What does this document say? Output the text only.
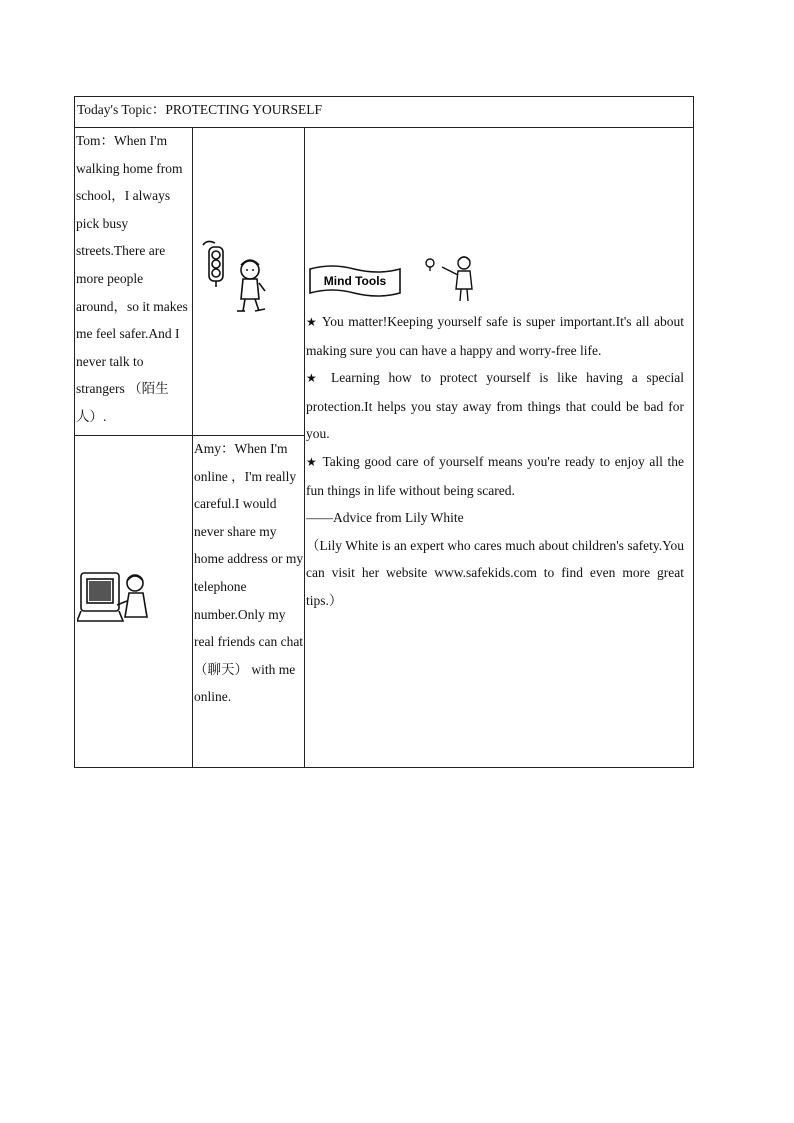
Today's Topic：PROTECTING YOURSELF
Tom：When I'm walking home from school，I always pick busy streets.There are more people around，so it makes me feel safer.And I never talk to strangers （陌生人）.
Amy：When I'm online ，I'm really careful.I would never share my home address or my telephone number.Only my real friends can chat （聊天） with me online.
Mind Tools

★ You matter!Keeping yourself safe is super important.It's all about making sure you can have a happy and worry-free life.

★ Learning how to protect yourself is like having a special protection.It helps you stay away from things that could be bad for you.

★ Taking good care of yourself means you're ready to enjoy all the fun things in life without being scared.

——Advice from Lily White

（Lily White is an expert who cares much about children's safety.You can visit her website www.safekids.com to find even more great tips.）
